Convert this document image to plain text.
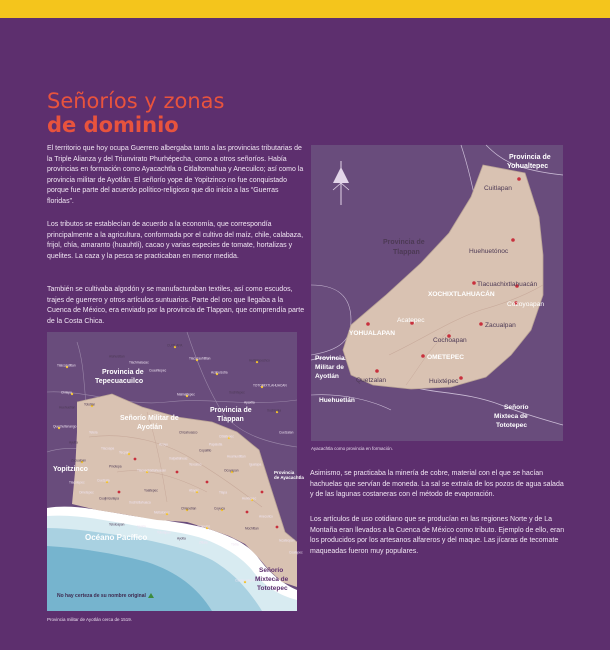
Señoríos y zonas
de dominio

El territorio que hoy ocupa Guerrero albergaba tanto a las provincias tributarias de la Triple Alianza y del Triunvirato Phurhépecha, como a otros señoríos. Había provincias en formación como Ayacachtla o Citlaltomahua y Anecuilco; así como la provincia militar de Ayotlán. El señorío yope de Yopitzinco no fue conquistado porque fue parte del acuerdo político-religioso que dio inicio a las “Guerras floridas”.

Los tributos se establecían de acuerdo a la economía, que correspondía principalmente a la agricultura, conformada por el cultivo del maíz, chile, calabaza, frijol, chía, amaranto (huauhtli), cacao y varias especies de tomate, hortalizas y quelites. La caza y la pesca se practicaban en menor medida.

También se cultivaba algodón y se manufacturaban textiles, así como escudos, trajes de guerrero y otros artículos suntuarios. Parte del oro que llegaba a la Cuenca de México, era enviado por la provincia de Tlappan, que comprendía parte de la Costa Chica.

Provincia de
Yohualtepec
Provincia de
Tlappan
Provincia
Militar de
Ayotlán
Señorío
Mixteca de
Tototepec
Cuitlapan
Huehuetónoc
Tlacuachixtlahuacán
XOCHIXTLAHUACÁN
Cozoyoapan
Acatepec
Zacualpan
YOHUALAPAN
Cochoapan
OMETEPEC
Quetzalan	Huixtépec
Huehuetlán
Ayacachtla como provincia en formación.

Asimismo, se practicaba la minería de cobre, material con el que se hacían hachuelas que servían de moneda. La sal se extraía de los pozos de agua salada y de las lagunas costaneras con el método de evaporación.

Los artículos de uso cotidiano que se producían en las regiones Norte y de La Montaña eran llevados a la Cuenca de México como tributo. Ejemplo de ello, eran los producidos por los artesanos alfareros y del maque. Las jícaras de tecomate maqueadas fueron muy populares.

Provincia de
Tepecuacuilco
Señorío Militar de
Ayotlán
Provincia de
Tlappan
Yopitzinco
Océano Pacífico
Provincia
de Ayacachtla
Señorío
Mixteca de
Tototepec
CUITLAPA
Tlacozauhtitlan
Acahuizotla
Huitzilopochco
Tlalcozotitlan
Chilapa
Tototlan
Quechultenango
TOTOMIXTLAHUACAN
Xochipala
Malinaltepec
Citlaltepec
Ocoyapan
Huixtepec
Metlatonoc
Chiepetlan
Tlacoachixtlahuacan
Cuetzala
Zacualpan
Tecpan
Atoyac
Coyuca
Acapulco
Cacahuatepec
Ayutla
Tlacoapa
Azoyu
Copalillo
Huamuxtitlan
Igualapa
Pinotepa
Xalpatlahuac
Texcalco
Yoaltepec	Tlapa
Ometepec
Cuajinicuilapa
Xochistlahuaca
Anecuilco
Mochitlan
Tixtla
Zitlala
Ayotla
Totolapan
Iguala
Teloloapan
Ixcateopan
Coatepec
Alahuistlan
Tlachmalacac
Cuauhtepec
Xochitepec
Apaxtla
Cuetzalan
Huehuetlan
Tlacotepec
Tetela	Chicahuasco
Papalutla
No hay certeza de su nombre original
Provincia militar de Ayotlán cerca de 1519.
